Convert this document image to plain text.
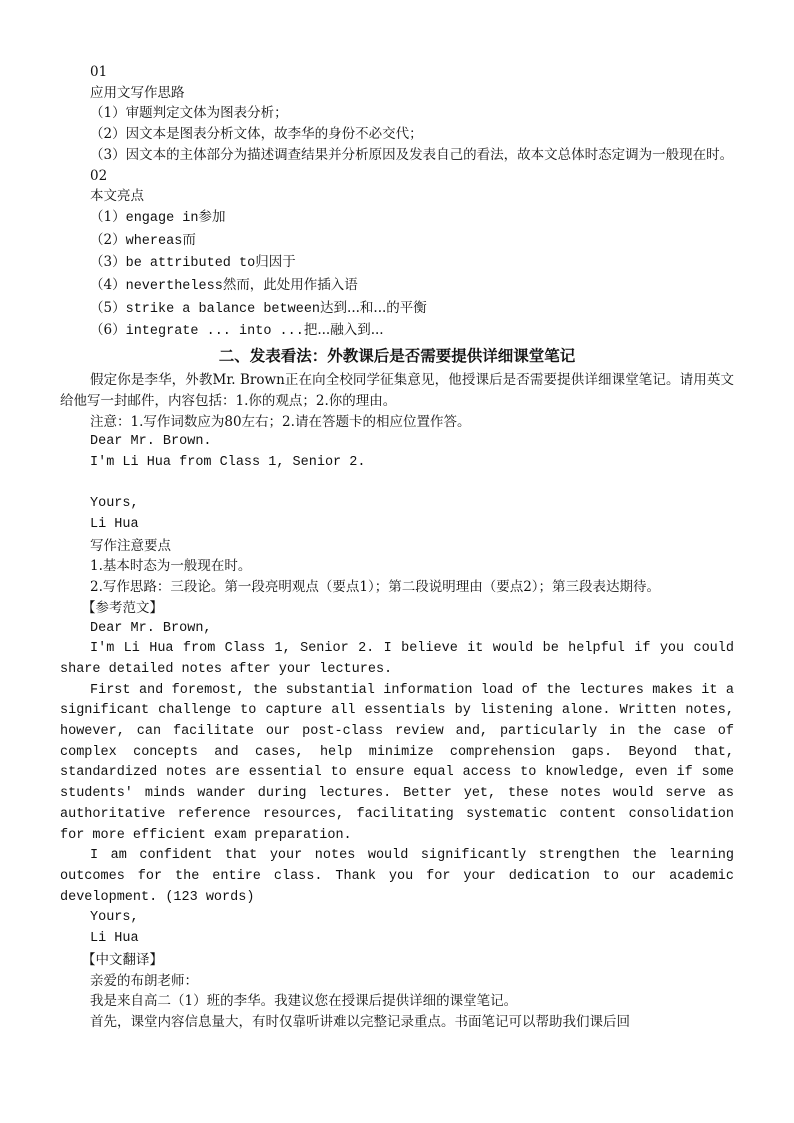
01

应用文写作思路

（1）审题判定文体为图表分析；

（2）因文本是图表分析文体，故李华的身份不必交代；

（3）因文本的主体部分为描述调查结果并分析原因及发表自己的看法，故本文总体时态定调为一般现在时。

02

本文亮点

（1）engage in参加

（2）whereas而

（3）be attributed to归因于

（4）nevertheless然而，此处用作插入语

（5）strike a balance between达到...和...的平衡

（6）integrate ... into ...把...融入到...

二、发表看法：外教课后是否需要提供详细课堂笔记

假定你是李华，外教Mr. Brown正在向全校同学征集意见，他授课后是否需要提供详细课堂笔记。请用英文给他写一封邮件，内容包括：1.你的观点；2.你的理由。

注意：1.写作词数应为80左右；2.请在答题卡的相应位置作答。

Dear Mr. Brown.

I'm Li Hua from Class 1, Senior 2.

Yours,

Li Hua

写作注意要点

1.基本时态为一般现在时。

2.写作思路：三段论。第一段亮明观点（要点1）；第二段说明理由（要点2）；第三段表达期待。

【参考范文】

Dear Mr. Brown,

I'm Li Hua from Class 1, Senior 2. I believe it would be helpful if you could share detailed notes after your lectures.

First and foremost, the substantial information load of the lectures makes it a significant challenge to capture all essentials by listening alone. Written notes, however, can facilitate our post-class review and, particularly in the case of complex concepts and cases, help minimize comprehension gaps. Beyond that, standardized notes are essential to ensure equal access to knowledge, even if some students' minds wander during lectures. Better yet, these notes would serve as authoritative reference resources, facilitating systematic content consolidation for more efficient exam preparation.

I am confident that your notes would significantly strengthen the learning outcomes for the entire class. Thank you for your dedication to our academic development. (123 words)

Yours,

Li Hua

【中文翻译】

亲爱的布朗老师：

我是来自高二（1）班的李华。我建议您在授课后提供详细的课堂笔记。

首先，课堂内容信息量大，有时仅靠听讲难以完整记录重点。书面笔记可以帮助我们课后回
